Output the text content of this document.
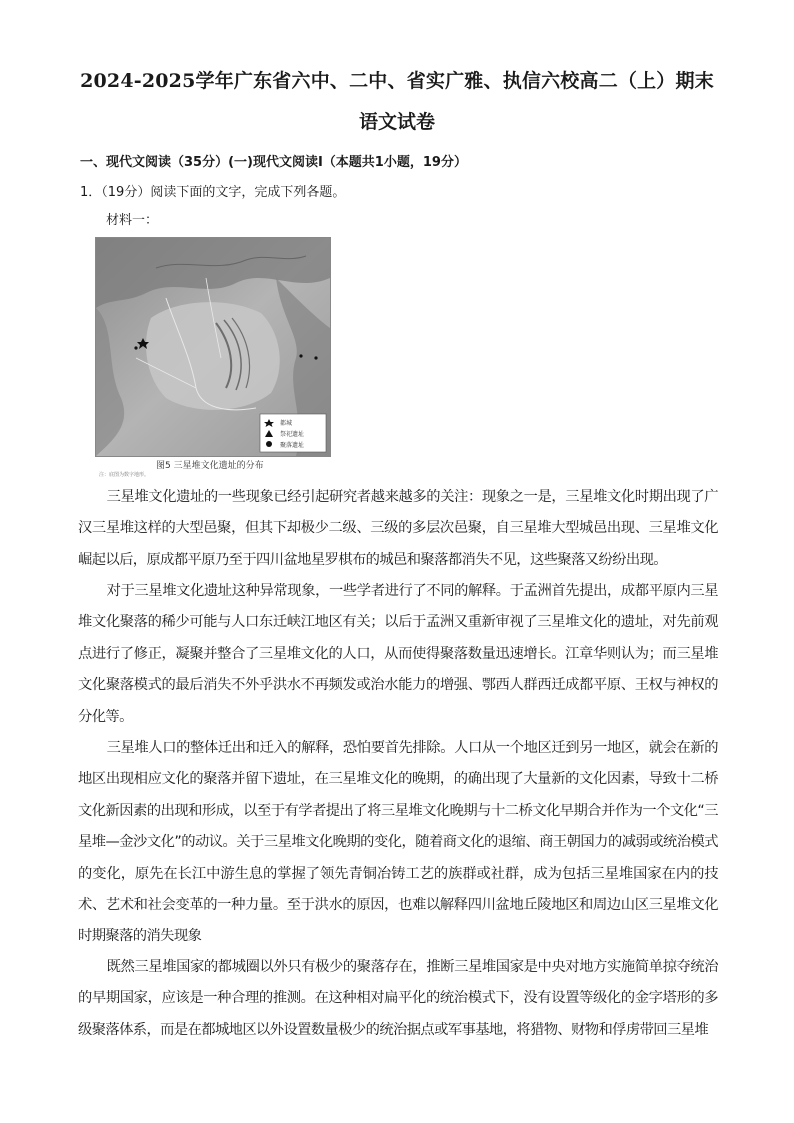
2024-2025学年广东省六中、二中、省实广雅、执信六校高二（上）期末
语文试卷
一、现代文阅读（35分）(一)现代文阅读Ⅰ（本题共1小题，19分）
1．（19分）阅读下面的文字，完成下列各题。
材料一：
都城
祭祀遗址
聚落遗址
图5 三星堆文化遗址的分布
注：底图为数字地形。

三星堆文化遗址的一些现象已经引起研究者越来越多的关注：现象之一是，三星堆文化时期出现了广汉三星堆这样的大型邑聚，但其下却极少二级、三级的多层次邑聚，自三星堆大型城邑出现、三星堆文化崛起以后，原成都平原乃至于四川盆地星罗棋布的城邑和聚落都消失不见，这些聚落又纷纷出现。

对于三星堆文化遗址这种异常现象，一些学者进行了不同的解释。于孟洲首先提出，成都平原内三星堆文化聚落的稀少可能与人口东迁峡江地区有关；以后于孟洲又重新审视了三星堆文化的遗址，对先前观点进行了修正，凝聚并整合了三星堆文化的人口，从而使得聚落数量迅速增长。江章华则认为；而三星堆文化聚落模式的最后消失不外乎洪水不再频发或治水能力的增强、鄂西人群西迁成都平原、王权与神权的分化等。

三星堆人口的整体迁出和迁入的解释，恐怕要首先排除。人口从一个地区迁到另一地区，就会在新的地区出现相应文化的聚落并留下遗址，在三星堆文化的晚期，的确出现了大量新的文化因素，导致十二桥文化新因素的出现和形成，以至于有学者提出了将三星堆文化晚期与十二桥文化早期合并作为一个文化“三星堆—金沙文化”的动议。关于三星堆文化晚期的变化，随着商文化的退缩、商王朝国力的减弱或统治模式的变化，原先在长江中游生息的掌握了领先青铜冶铸工艺的族群或社群，成为包括三星堆国家在内的技术、艺术和社会变革的一种力量。至于洪水的原因，也难以解释四川盆地丘陵地区和周边山区三星堆文化时期聚落的消失现象

既然三星堆国家的都城圈以外只有极少的聚落存在，推断三星堆国家是中央对地方实施简单掠夺统治的早期国家，应该是一种合理的推测。在这种相对扁平化的统治模式下，没有设置等级化的金字塔形的多级聚落体系，而是在都城地区以外设置数量极少的统治据点或军事基地，将猎物、财物和俘虏带回三星堆
